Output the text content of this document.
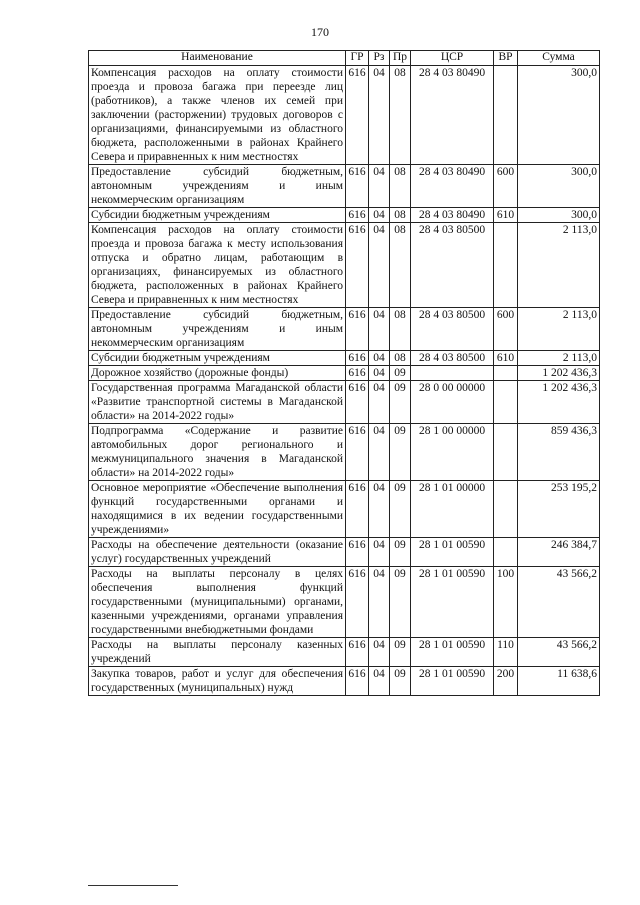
170
Наименование	ГР	Рз	Пр	ЦСР	ВР	Сумма
Компенсация расходов на оплату стоимости проезда и провоза багажа при переезде лиц (работников), а также членов их семей при заключении (расторжении) трудовых договоров с организациями, финансируемыми из областного бюджета, расположенными в районах Крайнего Севера и приравненных к ним местностях	616	04	08	28 4 03 80490		300,0
Предоставление субсидий бюджетным, автономным учреждениям и иным некоммерческим организациям	616	04	08	28 4 03 80490	600	300,0
Субсидии бюджетным учреждениям	616	04	08	28 4 03 80490	610	300,0
Компенсация расходов на оплату стоимости проезда и провоза багажа к месту использования отпуска и обратно лицам, работающим в организациях, финансируемых из областного бюджета, расположенных в районах Крайнего Севера и приравненных к ним местностях	616	04	08	28 4 03 80500		2 113,0
Предоставление субсидий бюджетным, автономным учреждениям и иным некоммерческим организациям	616	04	08	28 4 03 80500	600	2 113,0
Субсидии бюджетным учреждениям	616	04	08	28 4 03 80500	610	2 113,0
Дорожное хозяйство (дорожные фонды)	616	04	09			1 202 436,3
Государственная программа Магаданской области «Развитие транспортной системы в Магаданской области» на 2014-2022 годы»	616	04	09	28 0 00 00000		1 202 436,3
Подпрограмма «Содержание и развитие автомобильных дорог регионального и межмуниципального значения в Магаданской области» на 2014-2022 годы»	616	04	09	28 1 00 00000		859 436,3
Основное мероприятие «Обеспечение выполнения функций государственными органами и находящимися в их ведении государственными учреждениями»	616	04	09	28 1 01 00000		253 195,2
Расходы на обеспечение деятельности (оказание услуг) государственных учреждений	616	04	09	28 1 01 00590		246 384,7
Расходы на выплаты персоналу в целях обеспечения выполнения функций государственными (муниципальными) органами, казенными учреждениями, органами управления государственными внебюджетными фондами	616	04	09	28 1 01 00590	100	43 566,2
Расходы на выплаты персоналу казенных учреждений	616	04	09	28 1 01 00590	110	43 566,2
Закупка товаров, работ и услуг для обеспечения государственных (муниципальных) нужд	616	04	09	28 1 01 00590	200	11 638,6
